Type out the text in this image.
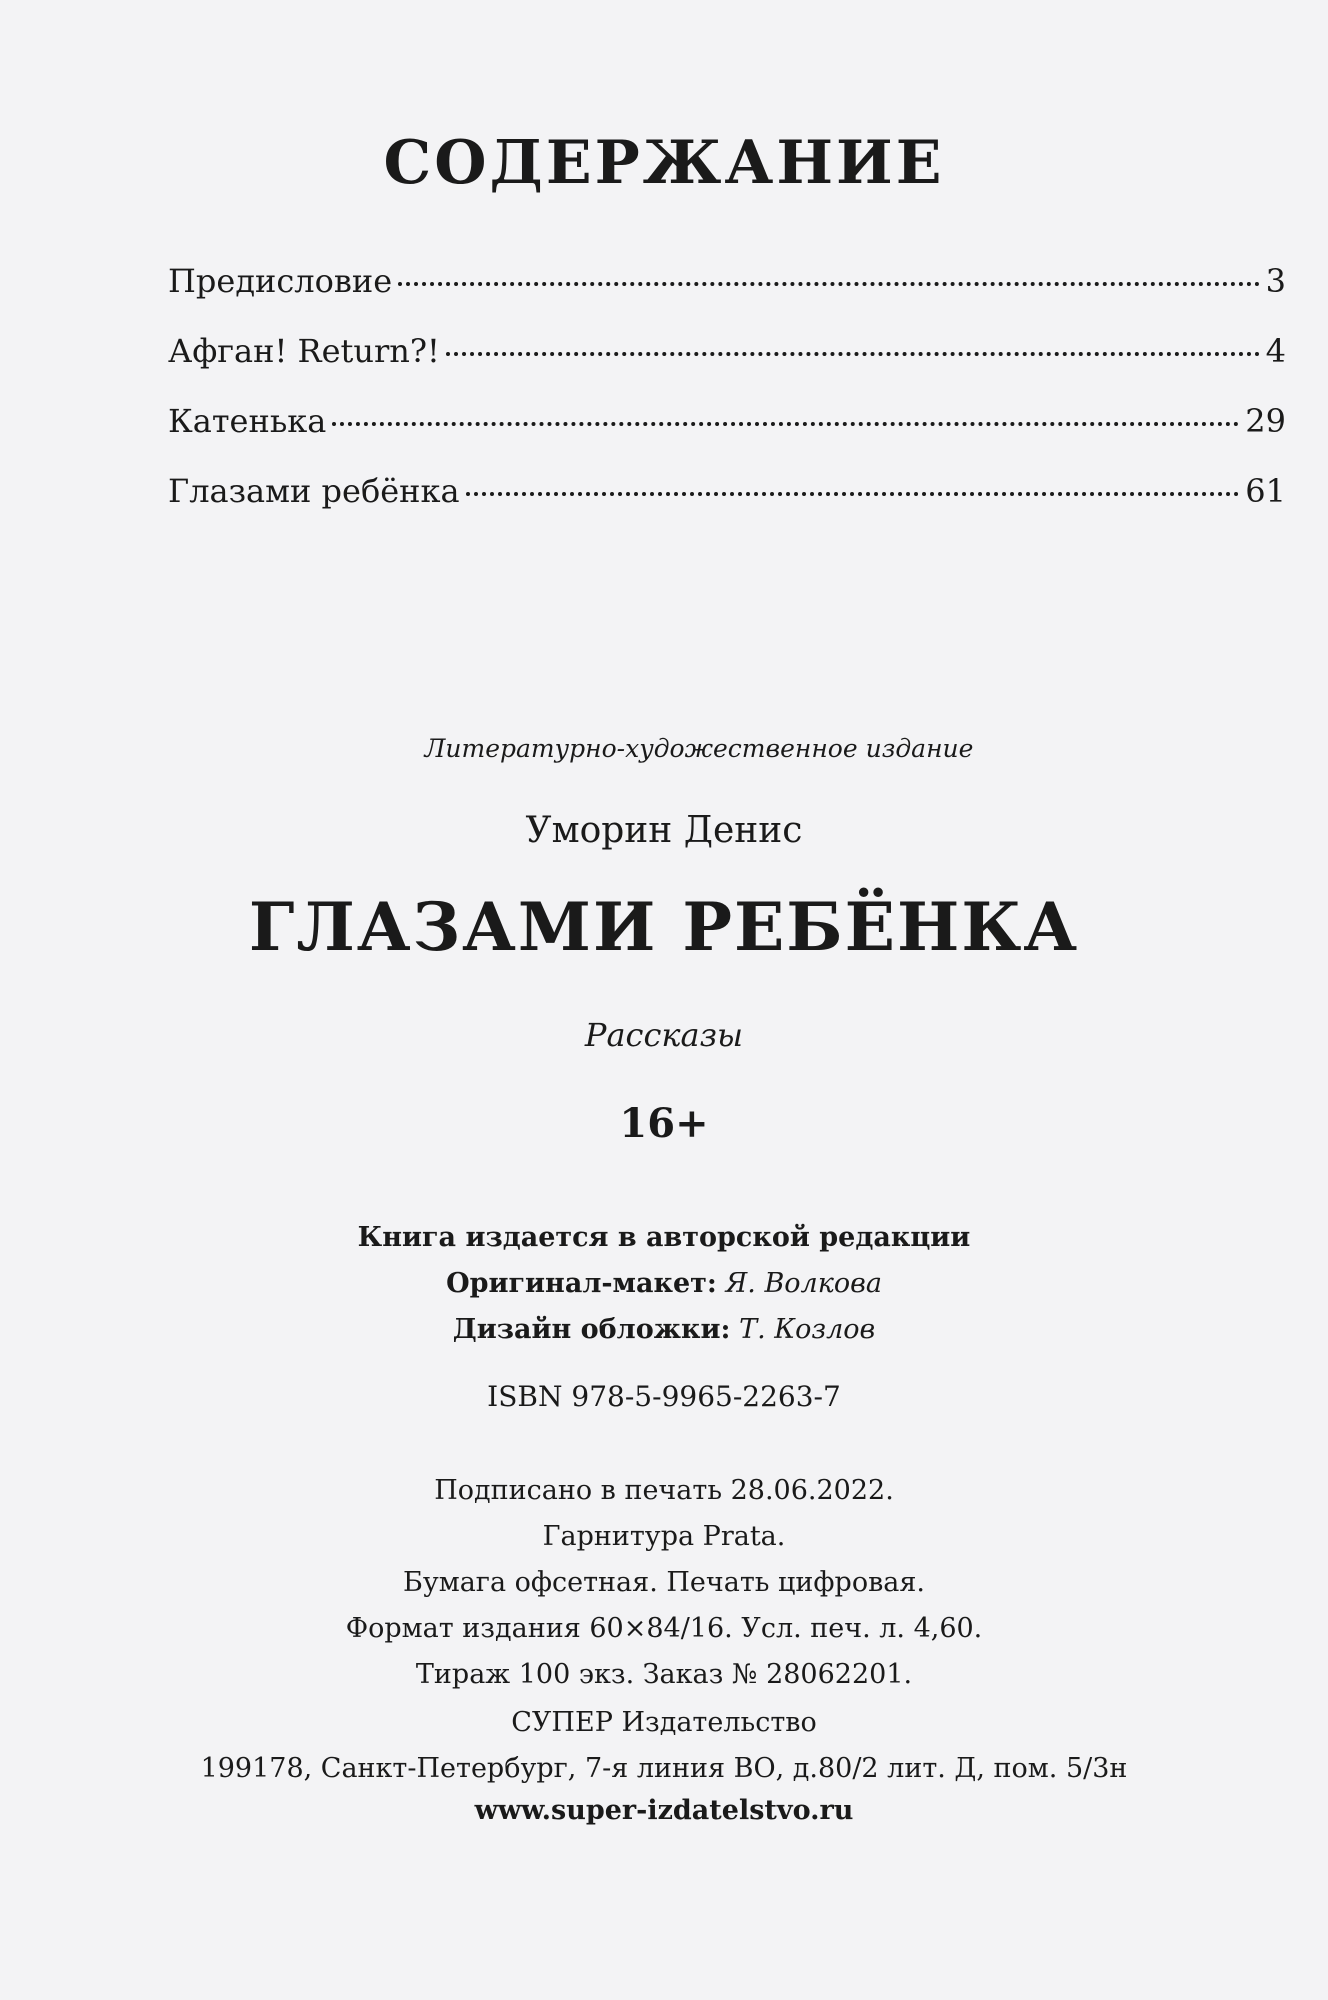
СОДЕРЖАНИЕ
Предисловие	3
Афган! Return?!	4
Катенька	29
Глазами ребёнка	61
Литературно-художественное издание
Уморин Денис
ГЛАЗАМИ РЕБЁНКА
Рассказы
16+
Книга издается в авторской редакции
Оригинал-макет: Я. Волкова
Дизайн обложки: Т. Козлов
ISBN 978-5-9965-2263-7
Подписано в печать 28.06.2022.
Гарнитура Prata.
Бумага офсетная. Печать цифровая.
Формат издания 60×84/16. Усл. печ. л. 4,60.
Тираж 100 экз. Заказ № 28062201.
СУПЕР Издательство
199178, Санкт-Петербург, 7-я линия ВО, д.80/2 лит. Д, пом. 5/3н
www.super-izdatelstvo.ru
